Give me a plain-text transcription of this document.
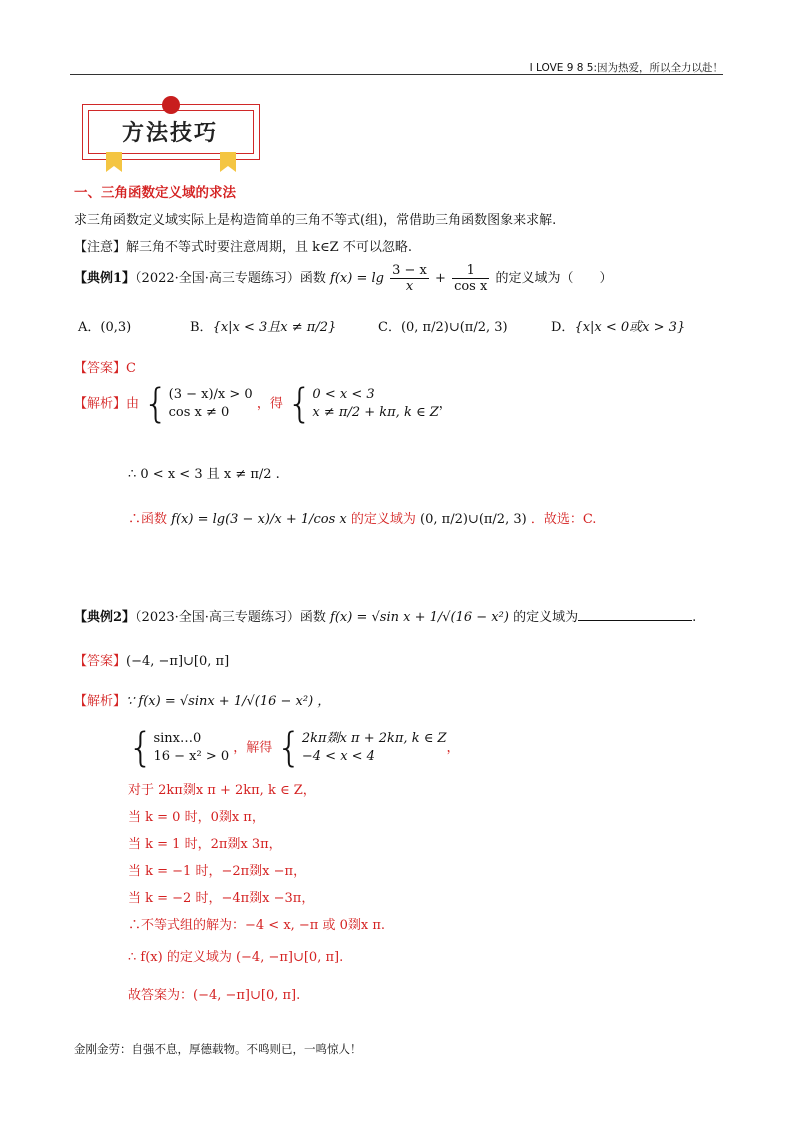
I LOVE 9 8 5:因为热爱，所以全力以赴！
方法技巧
一、三角函数定义域的求法
求三角函数定义域实际上是构造简单的三角不等式(组)，常借助三角函数图象来求解.
【注意】解三角不等式时要注意周期，且 k∈Z 不可以忽略.
【典例1】（2022·全国·高三专题练习）函数 $f(x) = \lg \frac{3 - x}{x} + \frac{1}{\text{cos x}}$ 的定义域为（　　）
A．(0,3)	B．{x|x < 3且x ≠ π/2}	C．(0, π/2)∪(π/2, 3)	D．{x|x < 0或x > 3}
【答案】C
【解析】由 { (3 − x)/x > 0
cos x ≠ 0
，得 { 0 < x < 3
x ≠ π/2 + kπ, k ∈ Z
，
∴ 0 < x < 3 且 x ≠ π/2 .
∴函数 f(x) = lg(3 − x)/x + 1/cos x 的定义域为 (0, π/2)∪(π/2, 3) ．故选：C.
【典例2】（2023·全国·高三专题练习）函数 f(x) = √sin x + 1/√(16 − x²) 的定义域为	.
【答案】(−4, −π]∪[0, π]
【解析】∵ f(x) = √sinx + 1/√(16 − x²) ，
{ sinx…0
16 − x² > 0
，解得 { 2kπ剟x π + 2kπ, k ∈ Z
−4 < x < 4
，
对于 2kπ剟x π + 2kπ, k ∈ Z，
当 k = 0 时，0剟x π，
当 k = 1 时，2π剟x 3π，
当 k = −1 时，−2π剟x −π，
当 k = −2 时，−4π剟x −3π，
∴不等式组的解为：−4 < x, −π 或 0剟x π.
∴ f(x) 的定义域为 (−4, −π]∪[0, π].
故答案为：(−4, −π]∪[0, π].
金刚金劳：自强不息，厚德载物。不鸣则已，一鸣惊人！
